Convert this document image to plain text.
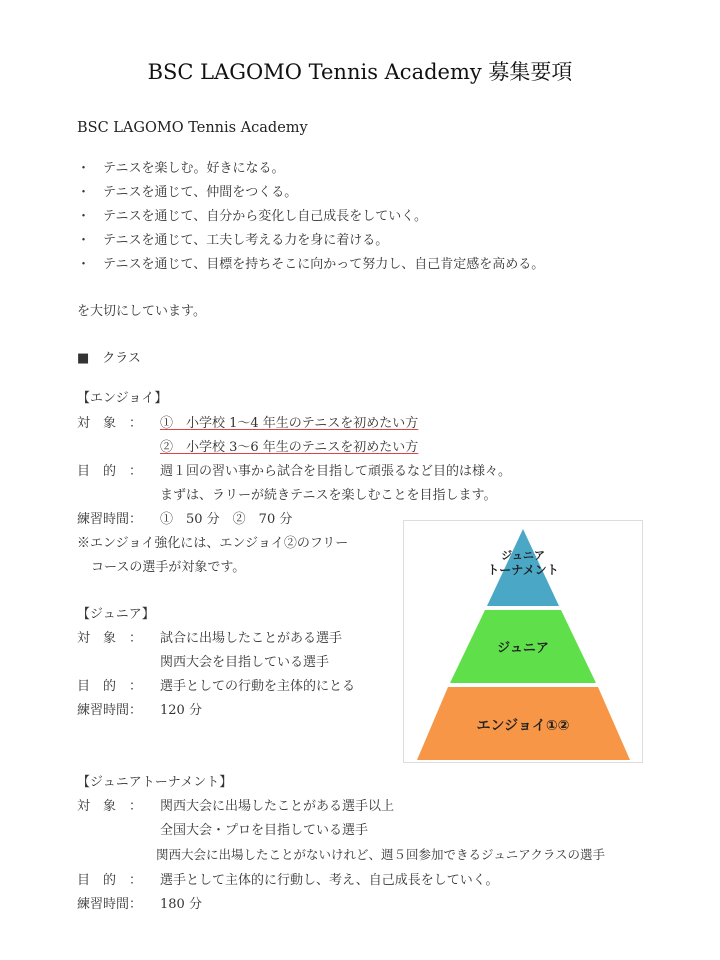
BSC LAGOMO Tennis Academy 募集要項
BSC LAGOMO Tennis Academy
・ テニスを楽しむ。好きになる。
・ テニスを通じて、仲間をつくる。
・ テニスを通じて、自分から変化し自己成長をしていく。
・ テニスを通じて、工夫し考える力を身に着ける。
・ テニスを通じて、目標を持ちそこに向かって努力し、自己肯定感を高める。
を大切にしています。
■　クラス
【エンジョイ】
対　象　： ①　小学校 1～4 年生のテニスを初めたい方
②　小学校 3～6 年生のテニスを初めたい方
目　的　： 週１回の習い事から試合を目指して頑張るなど目的は様々。
まずは、ラリーが続きテニスを楽しむことを目指します。
練習時間： ①　50 分　②　70 分
※エンジョイ強化には、エンジョイ②のフリー
コースの選手が対象です。
【ジュニア】
対　象　： 試合に出場したことがある選手
関西大会を目指している選手
目　的　： 選手としての行動を主体的にとる
練習時間： 120 分
【ジュニアトーナメント】
対　象　： 関西大会に出場したことがある選手以上
全国大会・プロを目指している選手
関西大会に出場したことがないけれど、週５回参加できるジュニアクラスの選手
目　的　： 選手として主体的に行動し、考え、自己成長をしていく。
練習時間： 180 分
ジュニア
トーナメント
ジュニア
エンジョイ①②
